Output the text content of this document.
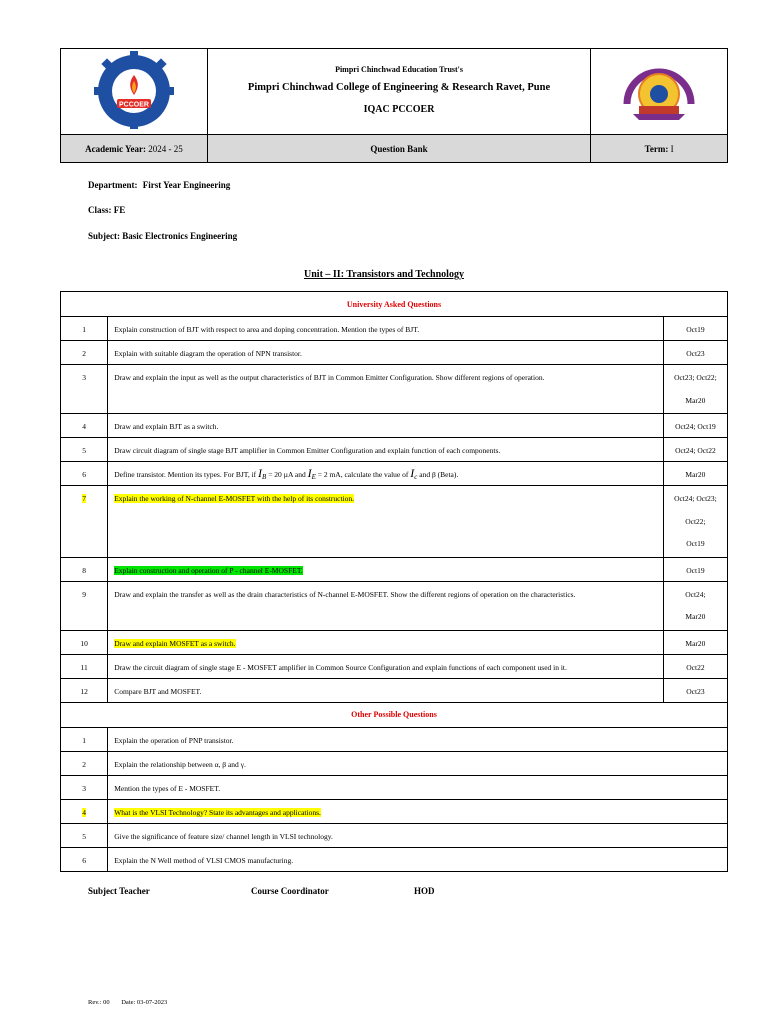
PCCOER	Pimpri Chinchwad Education Trust's
Pimpri Chinchwad College of Engineering & Research Ravet, Pune
IQAC PCCOER

Academic Year: 2024 - 25	Question Bank	Term: I
Department: First Year Engineering
Class: FE
Subject: Basic Electronics Engineering
Unit – II: Transistors and Technology
University Asked Questions		
1	Explain construction of BJT with respect to area and doping concentration. Mention the types of BJT.	Oct19

2	Explain with suitable diagram the operation of NPN transistor.	Oct23

3	Draw and explain the input as well as the output characteristics of BJT in Common Emitter Configuration. Show different regions of operation.	Oct23; Oct22;
Mar20

4	Draw and explain BJT as a switch.	Oct24; Oct19

5	Draw circuit diagram of single stage BJT amplifier in Common Emitter Configuration and explain function of each components.	Oct24; Oct22

6	Define transistor. Mention its types. For BJT, if IB = 20 µA and IE = 2 mA, calculate the value of Ic and β (Beta).	Mar20

7	Explain the working of N-channel E-MOSFET with the help of its construction.	Oct24; Oct23;
Oct22;
Oct19

8	Explain construction and operation of P - channel E-MOSFET.	Oct19

9	Draw and explain the transfer as well as the drain characteristics of N-channel E-MOSFET. Show the different regions of operation on the characteristics.	Oct24;
Mar20

10	Draw and explain MOSFET as a switch.	Mar20

11	Draw the circuit diagram of single stage E - MOSFET amplifier in Common Source Configuration and explain functions of each component used in it.	Oct22

12	Compare BJT and MOSFET.	Oct23

Other Possible Questions		
1	Explain the operation of PNP transistor.	
2	Explain the relationship between α, β and γ.	
3	Mention the types of E - MOSFET.	
4	What is the VLSI Technology? State its advantages and applications.	
5	Give the significance of feature size/ channel length in VLSI technology.	
6	Explain the N Well method of VLSI CMOS manufacturing.	
Subject Teacher	Course Coordinator	HOD
Rev.: 00 Date: 03-07-2023
